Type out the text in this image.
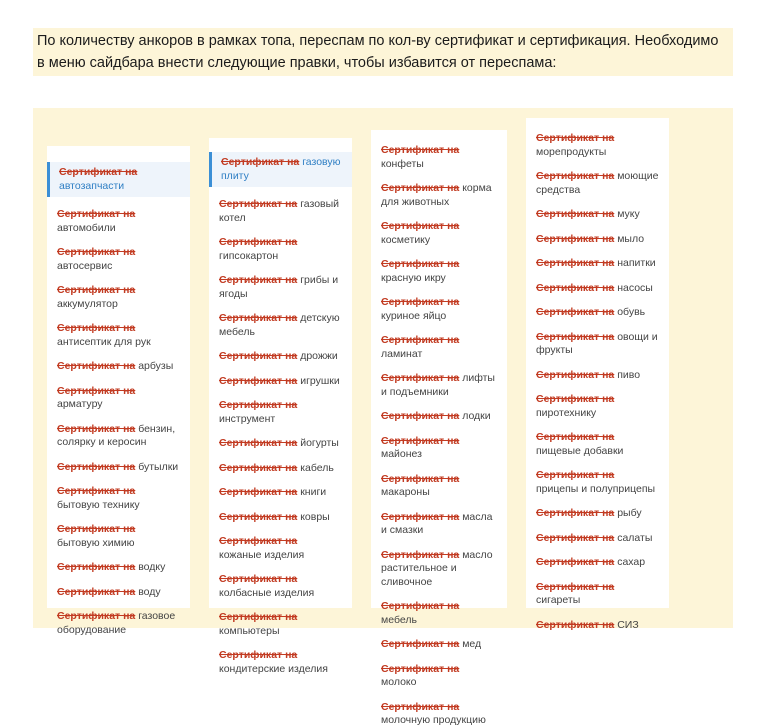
По количеству анкоров в рамках топа, переспам по кол-ву сертификат и сертификация. Необходимо в меню сайдбара внести следующие правки, чтобы избавится от переспама:
Сертификат на автозапчасти
Сертификат на автомобили
Сертификат на автосервис
Сертификат на аккумулятор
Сертификат на антисептик для рук
Сертификат на арбузы
Сертификат на арматуру
Сертификат на бензин, солярку и керосин
Сертификат на бутылки
Сертификат на бытовую технику
Сертификат на бытовую химию
Сертификат на водку
Сертификат на воду
Сертификат на газовое оборудование
Сертификат на газовую плиту
Сертификат на газовый котел
Сертификат на гипсокартон
Сертификат на грибы и ягоды
Сертификат на детскую мебель
Сертификат на дрожжи
Сертификат на игрушки
Сертификат на инструмент
Сертификат на йогурты
Сертификат на кабель
Сертификат на книги
Сертификат на ковры
Сертификат на кожаные изделия
Сертификат на колбасные изделия
Сертификат на компьютеры
Сертификат на кондитерские изделия
Сертификат на конфеты
Сертификат на корма для животных
Сертификат на косметику
Сертификат на красную икру
Сертификат на куриное яйцо
Сертификат на ламинат
Сертификат на лифты и подъемники
Сертификат на лодки
Сертификат на майонез
Сертификат на макароны
Сертификат на масла и смазки
Сертификат на масло растительное и сливочное
Сертификат на мебель
Сертификат на мед
Сертификат на молоко
Сертификат на молочную продукцию
Сертификат на морепродукты
Сертификат на моющие средства
Сертификат на муку
Сертификат на мыло
Сертификат на напитки
Сертификат на насосы
Сертификат на обувь
Сертификат на овощи и фрукты
Сертификат на пиво
Сертификат на пиротехнику
Сертификат на пищевые добавки
Сертификат на прицепы и полуприцепы
Сертификат на рыбу
Сертификат на салаты
Сертификат на сахар
Сертификат на сигареты
Сертификат на СИЗ
